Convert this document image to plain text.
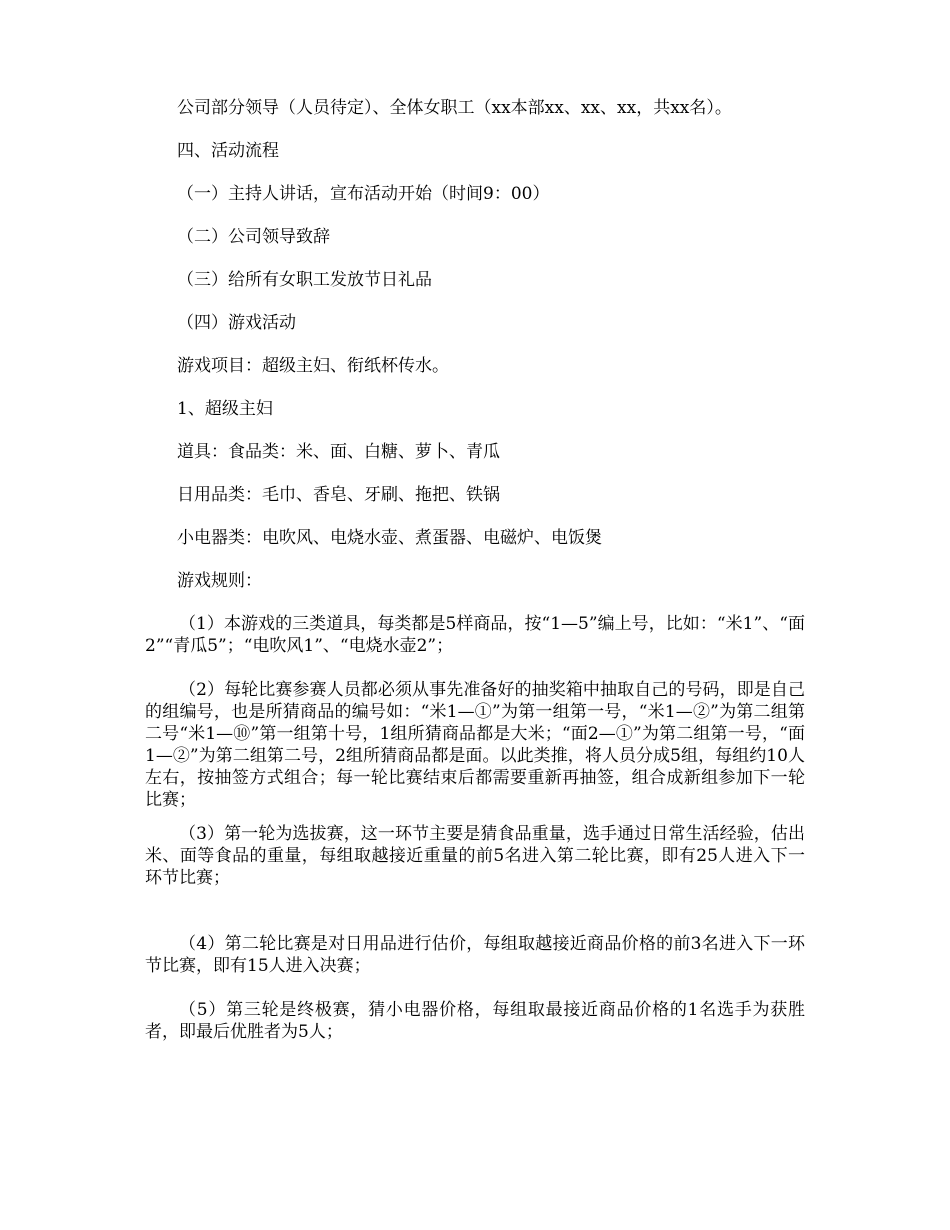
公司部分领导（人员待定）、全体女职工（xx本部xx、xx、xx，共xx名）。
四、活动流程
（一）主持人讲话，宣布活动开始（时间9：00）
（二）公司领导致辞
（三）给所有女职工发放节日礼品
（四）游戏活动
游戏项目：超级主妇、衔纸杯传水。
1、超级主妇
道具：食品类：米、面、白糖、萝卜、青瓜
日用品类：毛巾、香皂、牙刷、拖把、铁锅
小电器类：电吹风、电烧水壶、煮蛋器、电磁炉、电饭煲
游戏规则：
（1）本游戏的三类道具，每类都是5样商品，按“1—5”编上号，比如：“米1”、“面2”“青瓜5”；“电吹风1”、“电烧水壶2”；
（2）每轮比赛参赛人员都必须从事先准备好的抽奖箱中抽取自己的号码，即是自己的组编号，也是所猜商品的编号如：“米1—①”为第一组第一号，“米1—②”为第二组第二号“米1—⑩”第一组第十号，1组所猜商品都是大米；“面2—①”为第二组第一号，“面1—②”为第二组第二号，2组所猜商品都是面。以此类推，将人员分成5组，每组约10人左右，按抽签方式组合；每一轮比赛结束后都需要重新再抽签，组合成新组参加下一轮比赛；
（3）第一轮为选拔赛，这一环节主要是猜食品重量，选手通过日常生活经验，估出米、面等食品的重量，每组取越接近重量的前5名进入第二轮比赛，即有25人进入下一环节比赛；
（4）第二轮比赛是对日用品进行估价，每组取越接近商品价格的前3名进入下一环节比赛，即有15人进入决赛；
（5）第三轮是终极赛，猜小电器价格，每组取最接近商品价格的1名选手为获胜者，即最后优胜者为5人；
